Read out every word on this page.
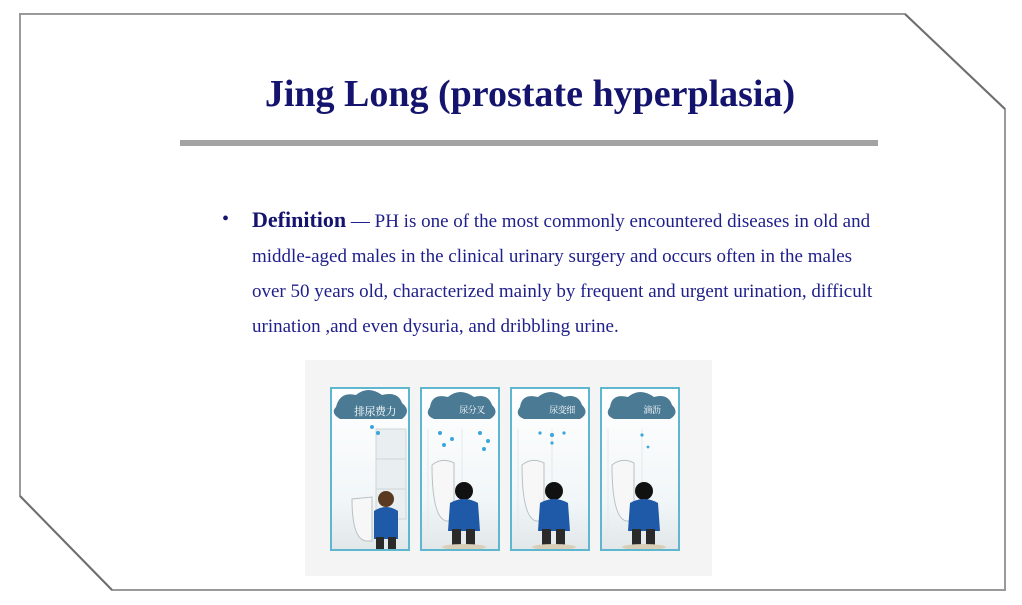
Jing Long (prostate hyperplasia)
• Definition — PH is one of the most commonly encountered diseases in old and middle-aged males in the clinical urinary surgery and occurs often in the males over 50 years old, characterized mainly by frequent and urgent urination, difficult urination ,and even dysuria, and dribbling urine.
排尿费力	尿分叉	尿变细	滴沥
